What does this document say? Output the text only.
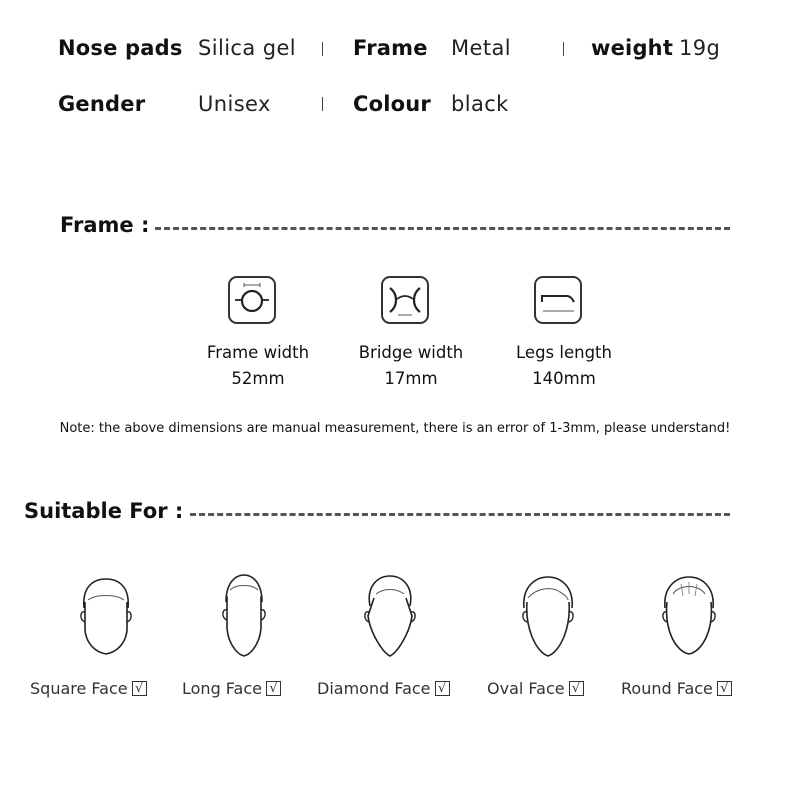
Nose pads Silica gel	Frame Metal	weight 19g
Gender	Unisex	Colour black
Frame :
Frame width
52mm
Bridge width
17mm
Legs length
140mm
Note: the above dimensions are manual measurement, there is an error of 1-3mm, please understand!
Suitable For :
Square Face √ Long Face √ Diamond Face √	Oval Face √	Round Face √
